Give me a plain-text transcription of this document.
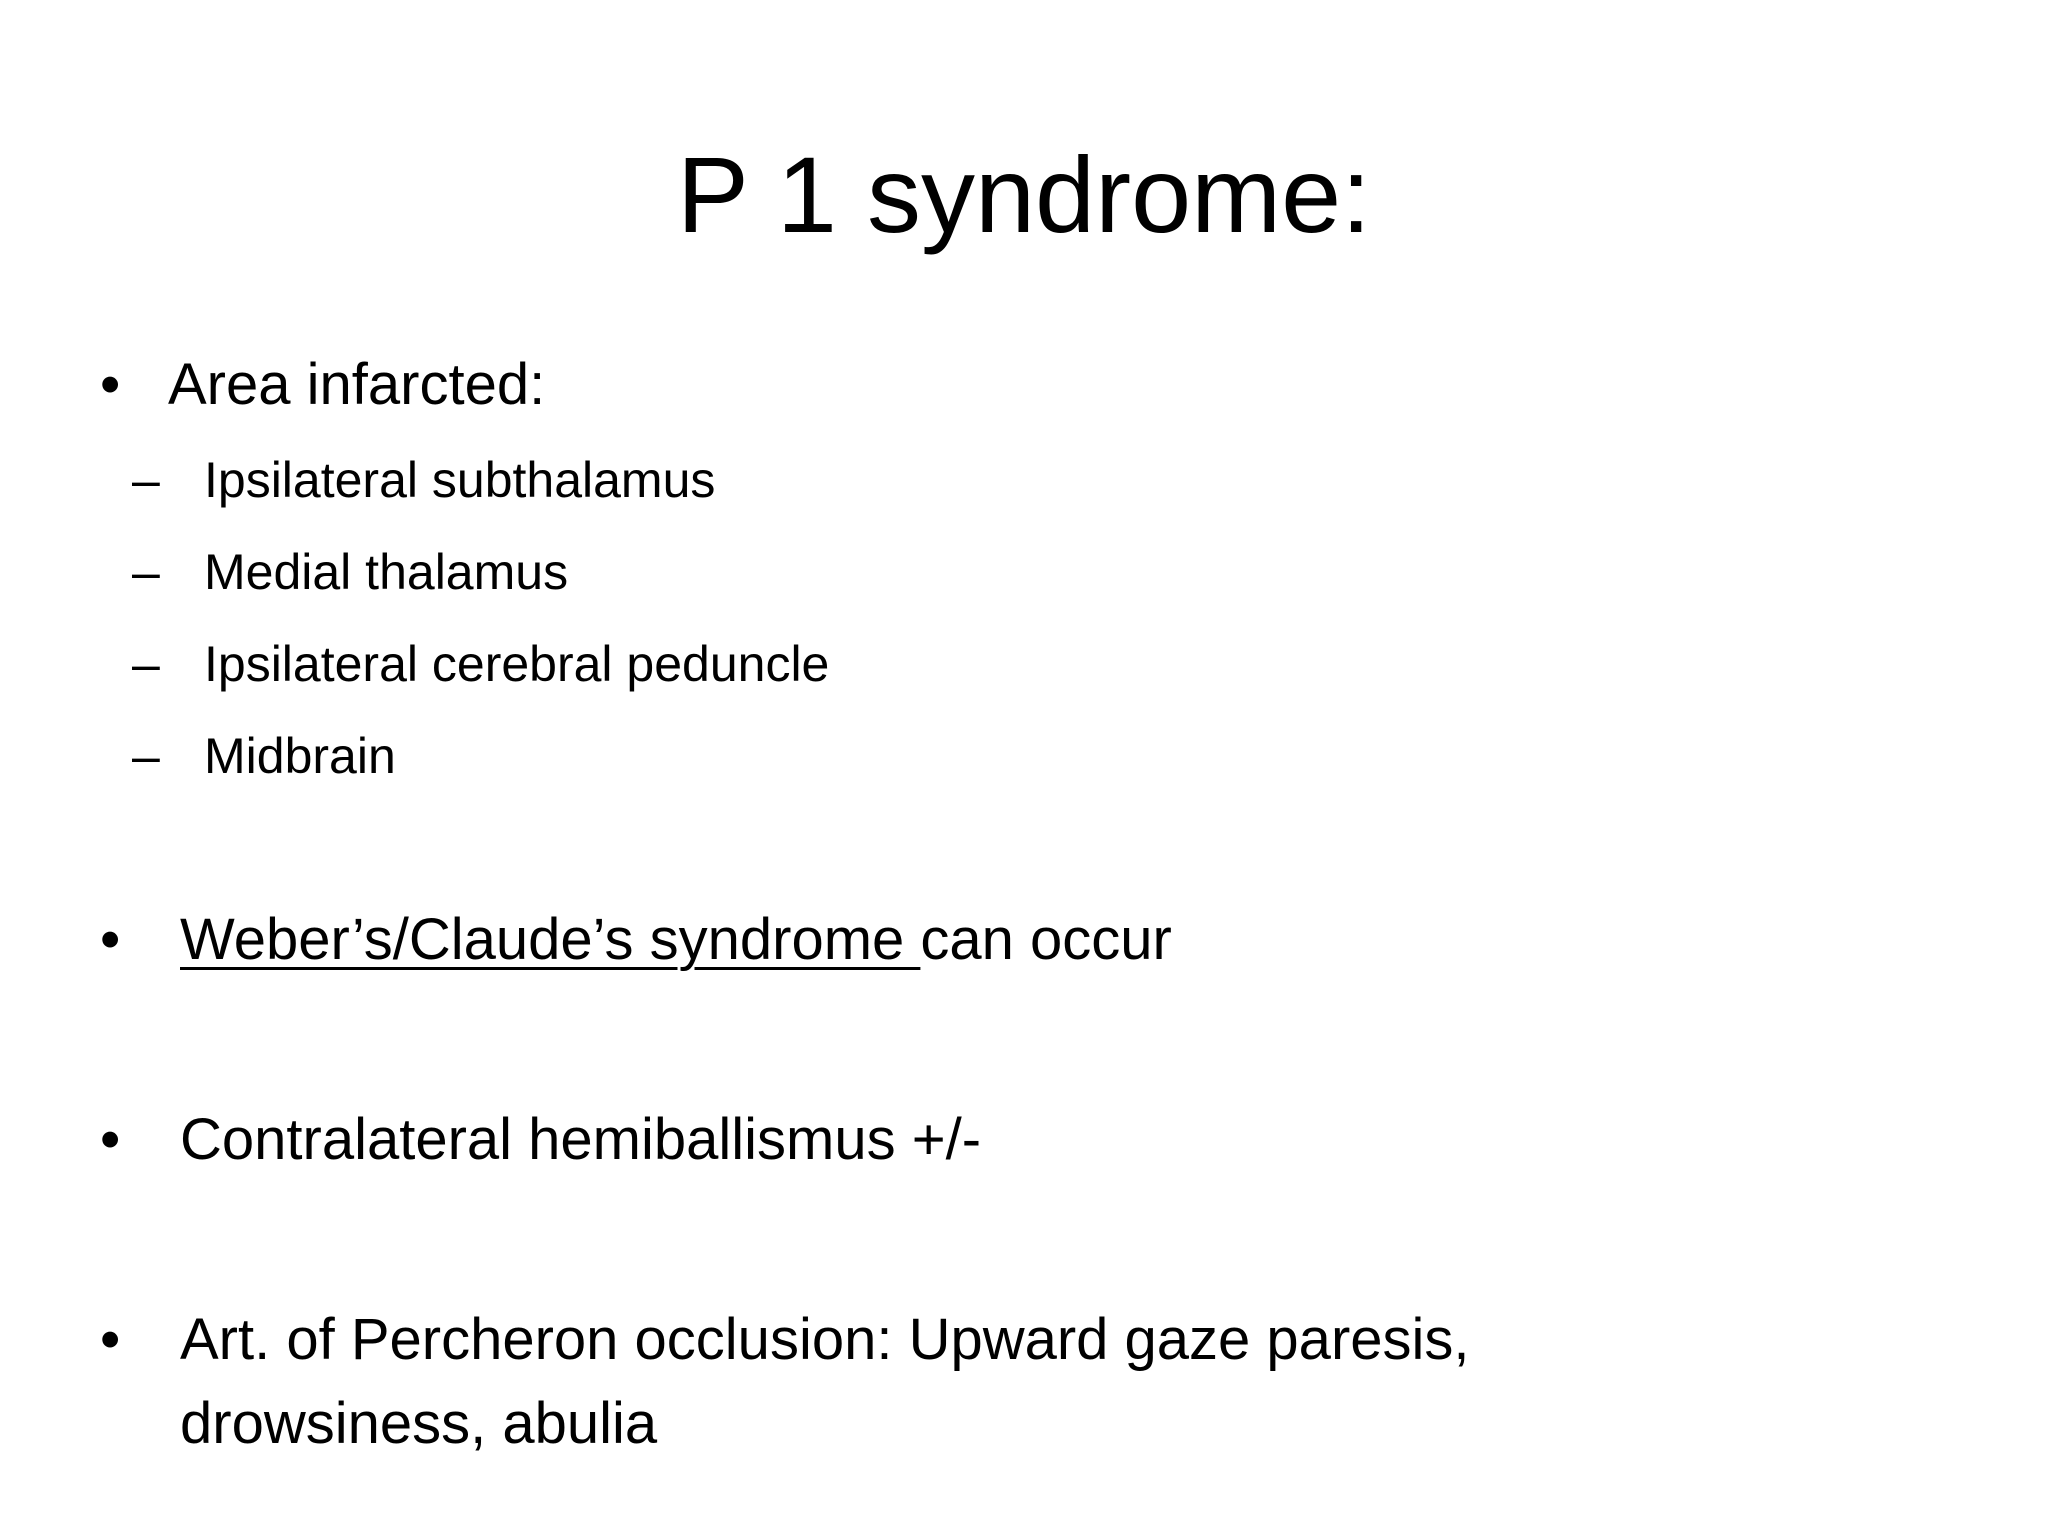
P 1 syndrome:
• Area infarcted:
– Ipsilateral subthalamus
– Medial thalamus
– Ipsilateral cerebral peduncle
– Midbrain
•	Weber’s/Claude’s syndrome can occur
•	Contralateral hemiballismus +/-
•	Art. of Percheron occlusion: Upward gaze paresis,
drowsiness, abulia
